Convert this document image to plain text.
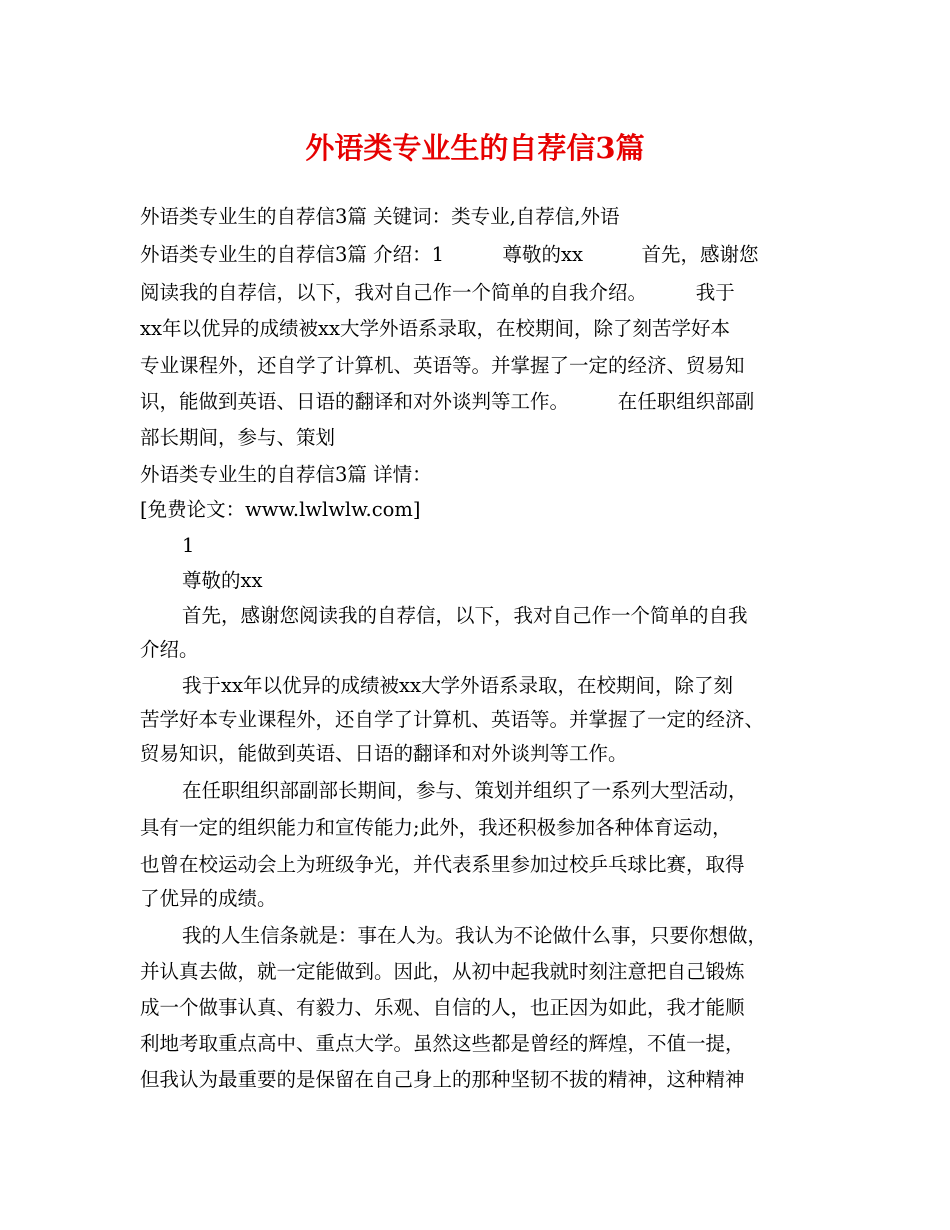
外语类专业生的自荐信3篇
外语类专业生的自荐信3篇 关键词：类专业,自荐信,外语
外语类专业生的自荐信3篇 介绍：1　　　尊敬的xx　　　首先，感谢您
阅读我的自荐信，以下，我对自己作一个简单的自我介绍。　　　我于
xx年以优异的成绩被xx大学外语系录取，在校期间，除了刻苦学好本
专业课程外，还自学了计算机、英语等。并掌握了一定的经济、贸易知
识，能做到英语、日语的翻译和对外谈判等工作。　　　在任职组织部副
部长期间，参与、策划
外语类专业生的自荐信3篇 详情：
[免费论文：www.lwlwlw.com]
1
尊敬的xx
首先，感谢您阅读我的自荐信，以下，我对自己作一个简单的自我
介绍。
我于xx年以优异的成绩被xx大学外语系录取，在校期间，除了刻
苦学好本专业课程外，还自学了计算机、英语等。并掌握了一定的经济、
贸易知识，能做到英语、日语的翻译和对外谈判等工作。
在任职组织部副部长期间，参与、策划并组织了一系列大型活动，
具有一定的组织能力和宣传能力;此外，我还积极参加各种体育运动，
也曾在校运动会上为班级争光，并代表系里参加过校乒乓球比赛，取得
了优异的成绩。
我的人生信条就是：事在人为。我认为不论做什么事，只要你想做，
并认真去做，就一定能做到。因此，从初中起我就时刻注意把自己锻炼
成一个做事认真、有毅力、乐观、自信的人，也正因为如此，我才能顺
利地考取重点高中、重点大学。虽然这些都是曾经的辉煌，不值一提，
但我认为最重要的是保留在自己身上的那种坚韧不拔的精神，这种精神
